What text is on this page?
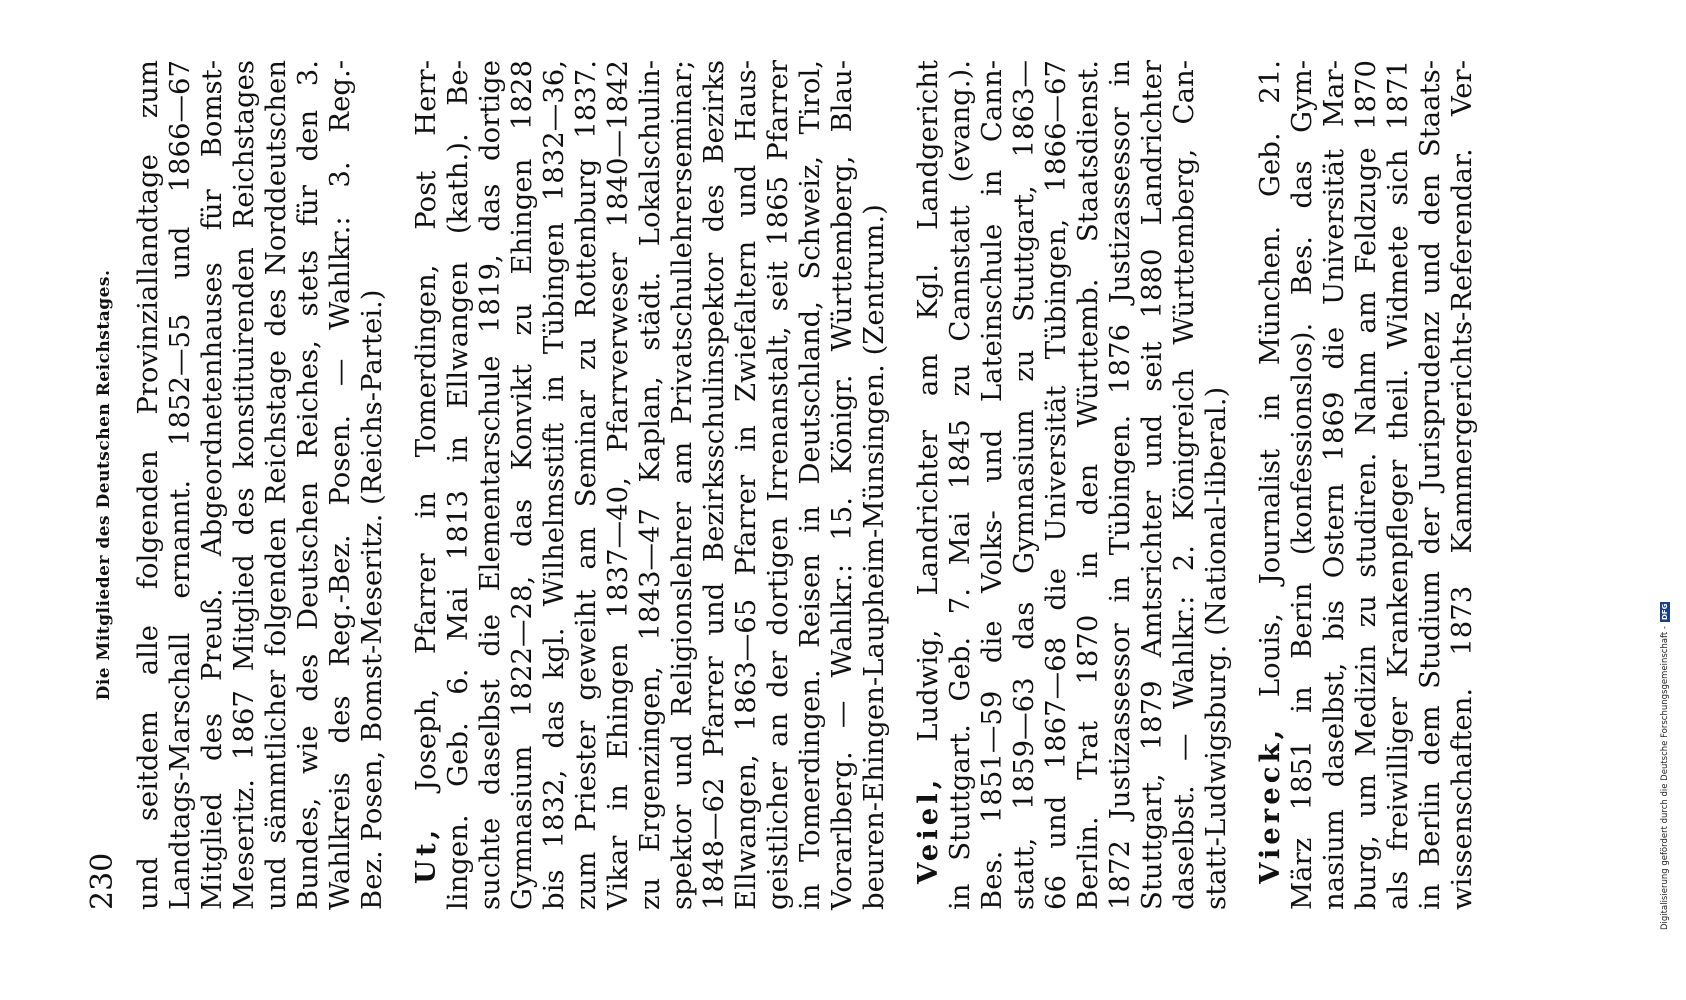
230
Die Mitglieder des Deutschen Reichstages. und seitdem alle folgenden Provinziallandtage zum Landtags-Marschall ernannt. 1852—55 und 1866—67 Mitglied des Preuß. Abgeordnetenhauses für Bomst- Meseritz. 1867 Mitglied des konstituirenden Reichstages und sämmtlicher folgenden Reichstage des Norddeutschen Bundes, wie des Deutschen Reiches, stets für den 3. Wahlkreis des Reg.-Bez. Posen. — Wahlkr.: 3. Reg.- Bez. Posen, Bomst-Meseritz. (Reichs-Partei.) Ut, Joseph, Pfarrer in Tomerdingen, Post Herr- lingen. Geb. 6. Mai 1813 in Ellwangen (kath.). Be- suchte daselbst die Elementarschule 1819, das dortige Gymnasium 1822—28, das Konvikt zu Ehingen 1828 bis 1832, das kgl. Wilhelmsstift in Tübingen 1832—36, zum Priester geweiht am Seminar zu Rottenburg 1837. Vikar in Ehingen 1837—40, Pfarrverweser 1840—1842 zu Ergenzingen, 1843—47 Kaplan, städt. Lokalschulin- spektor und Religionslehrer am Privatschullehrerseminar; 1848—62 Pfarrer und Bezirksschulinspektor des Bezirks Ellwangen, 1863—65 Pfarrer in Zwiefaltern und Haus- geistlicher an der dortigen Irrenanstalt, seit 1865 Pfarrer in Tomerdingen. Reisen in Deutschland, Schweiz, Tirol, Vorarlberg. — Wahlkr.: 15. Königr. Württemberg, Blau- beuren-Ehingen-Laupheim-Münsingen. (Zentrum.) Veiel, Ludwig, Landrichter am Kgl. Landgericht in Stuttgart. Geb. 7. Mai 1845 zu Cannstatt (evang.). Bes. 1851—59 die Volks- und Lateinschule in Cann- statt, 1859—63 das Gymnasium zu Stuttgart, 1863— 66 und 1867—68 die Universität Tübingen, 1866—67 Berlin. Trat 1870 in den Württemb. Staatsdienst. 1872 Justizassessor in Tübingen. 1876 Justizassessor in Stuttgart, 1879 Amtsrichter und seit 1880 Landrichter daselbst. — Wahlkr.: 2. Königreich Württemberg, Can- statt-Ludwigsburg. (National-liberal.) Viereck, Louis, Journalist in München. Geb. 21. März 1851 in Berin (konfessionslos). Bes. das Gym- nasium daselbst, bis Ostern 1869 die Universität Mar- burg, um Medizin zu studiren. Nahm am Feldzuge 1870 als freiwilliger Krankenpfleger theil. Widmete sich 1871 in Berlin dem Studium der Jurisprudenz und den Staats- wissenschaften. 1873 Kammergerichts-Referendar. Ver-	Digitalisierung gefördert durch die Deutsche Forschungsgemeinschaft -
DFG
